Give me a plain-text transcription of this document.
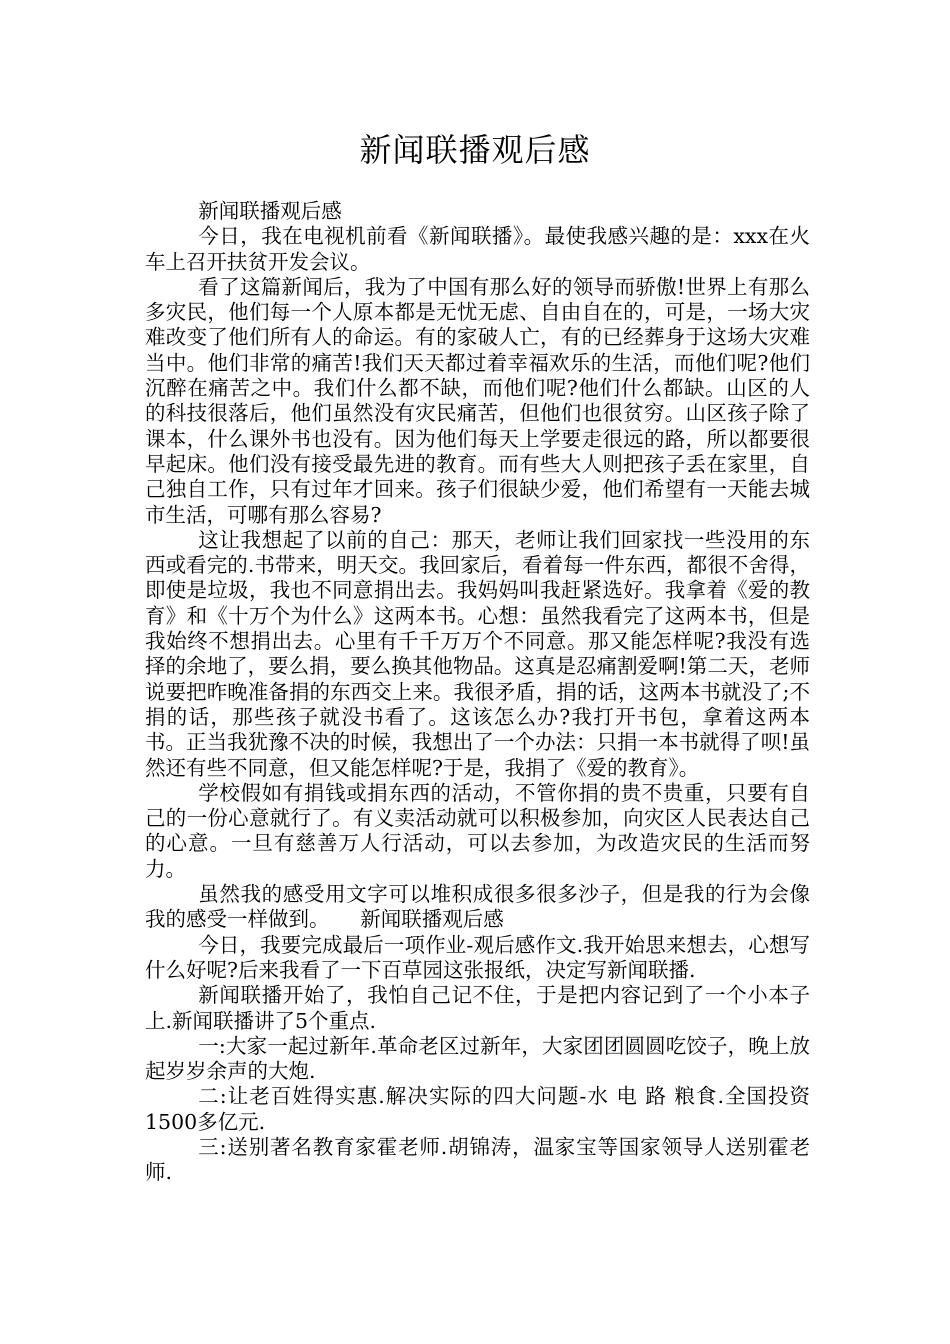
新闻联播观后感

新闻联播观后感

今日，我在电视机前看《新闻联播》。最使我感兴趣的是：xxx在火车上召开扶贫开发会议。

看了这篇新闻后，我为了中国有那么好的领导而骄傲!世界上有那么多灾民，他们每一个人原本都是无忧无虑、自由自在的，可是，一场大灾难改变了他们所有人的命运。有的家破人亡，有的已经葬身于这场大灾难当中。他们非常的痛苦!我们天天都过着幸福欢乐的生活，而他们呢?他们沉醉在痛苦之中。我们什么都不缺，而他们呢?他们什么都缺。山区的人的科技很落后，他们虽然没有灾民痛苦，但他们也很贫穷。山区孩子除了课本，什么课外书也没有。因为他们每天上学要走很远的路，所以都要很早起床。他们没有接受最先进的教育。而有些大人则把孩子丢在家里，自己独自工作，只有过年才回来。孩子们很缺少爱，他们希望有一天能去城市生活，可哪有那么容易?

这让我想起了以前的自己：那天，老师让我们回家找一些没用的东西或看完的.书带来，明天交。我回家后，看着每一件东西，都很不舍得，即使是垃圾，我也不同意捐出去。我妈妈叫我赶紧选好。我拿着《爱的教育》和《十万个为什么》这两本书。心想：虽然我看完了这两本书，但是我始终不想捐出去。心里有千千万万个不同意。那又能怎样呢?我没有选择的余地了，要么捐，要么换其他物品。这真是忍痛割爱啊!第二天，老师说要把昨晚准备捐的东西交上来。我很矛盾，捐的话，这两本书就没了;不捐的话，那些孩子就没书看了。这该怎么办?我打开书包，拿着这两本书。正当我犹豫不决的时候，我想出了一个办法：只捐一本书就得了呗!虽然还有些不同意，但又能怎样呢?于是，我捐了《爱的教育》。

学校假如有捐钱或捐东西的活动，不管你捐的贵不贵重，只要有自己的一份心意就行了。有义卖活动就可以积极参加，向灾区人民表达自己的心意。一旦有慈善万人行活动，可以去参加，为改造灾民的生活而努力。

虽然我的感受用文字可以堆积成很多很多沙子，但是我的行为会像我的感受一样做到。　　新闻联播观后感

今日，我要完成最后一项作业-观后感作文.我开始思来想去，心想写什么好呢?后来我看了一下百草园这张报纸，决定写新闻联播.

新闻联播开始了，我怕自己记不住，于是把内容记到了一个小本子上.新闻联播讲了5个重点.

一:大家一起过新年.革命老区过新年，大家团团圆圆吃饺子，晚上放起岁岁余声的大炮.

二:让老百姓得实惠.解决实际的四大问题-水 电 路 粮食.全国投资1500多亿元.

三:送别著名教育家霍老师.胡锦涛，温家宝等国家领导人送别霍老师.
